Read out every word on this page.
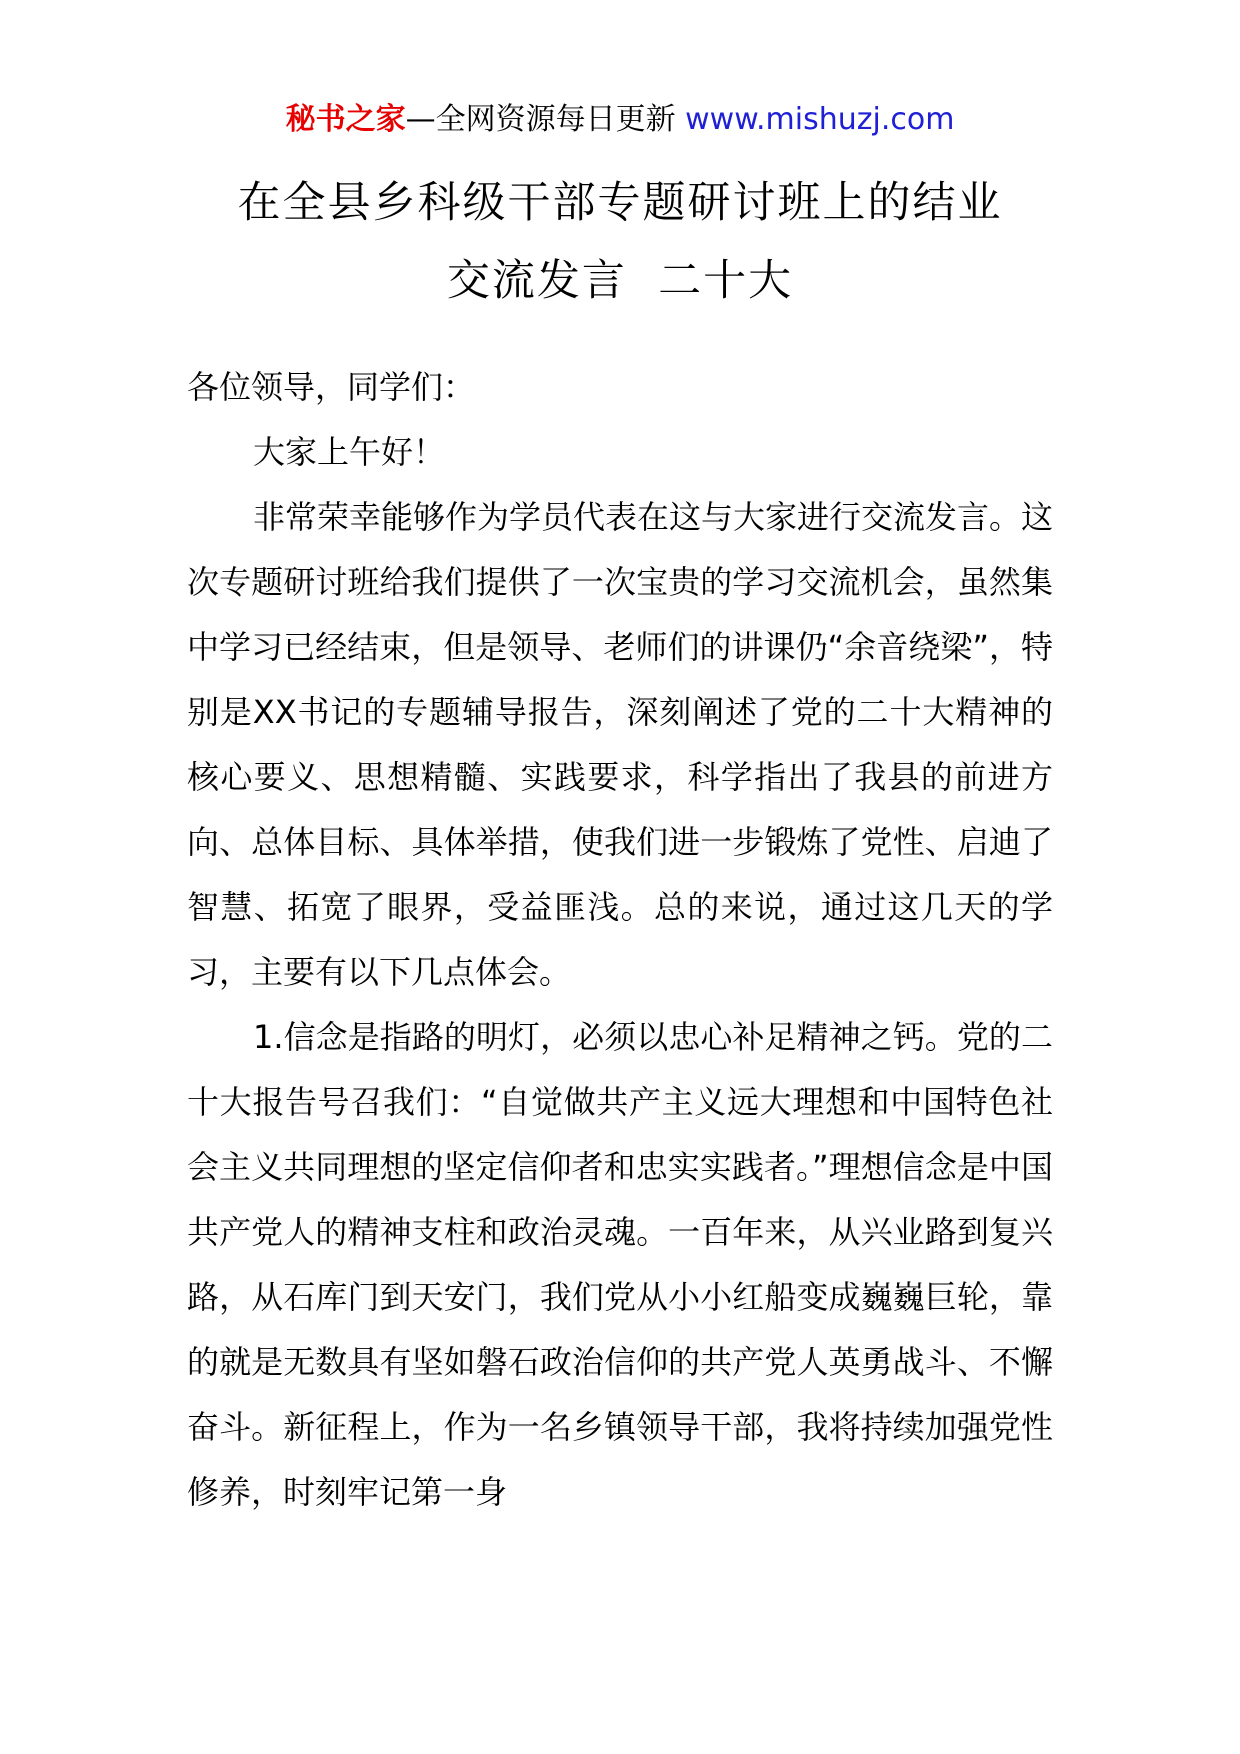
秘书之家—全网资源每日更新 www.mishuzj.com
在全县乡科级干部专题研讨班上的结业
交流发言  二十大

各位领导，同学们：

大家上午好！

非常荣幸能够作为学员代表在这与大家进行交流发言。这次专题研讨班给我们提供了一次宝贵的学习交流机会，虽然集中学习已经结束，但是领导、老师们的讲课仍“余音绕梁”，特别是XX书记的专题辅导报告，深刻阐述了党的二十大精神的核心要义、思想精髓、实践要求，科学指出了我县的前进方向、总体目标、具体举措，使我们进一步锻炼了党性、启迪了智慧、拓宽了眼界，受益匪浅。总的来说，通过这几天的学习，主要有以下几点体会。

1.信念是指路的明灯，必须以忠心补足精神之钙。党的二十大报告号召我们：“自觉做共产主义远大理想和中国特色社会主义共同理想的坚定信仰者和忠实实践者。”理想信念是中国共产党人的精神支柱和政治灵魂。一百年来，从兴业路到复兴路，从石库门到天安门，我们党从小小红船变成巍巍巨轮，靠的就是无数具有坚如磐石政治信仰的共产党人英勇战斗、不懈奋斗。新征程上，作为一名乡镇领导干部，我将持续加强党性修养，时刻牢记第一身
